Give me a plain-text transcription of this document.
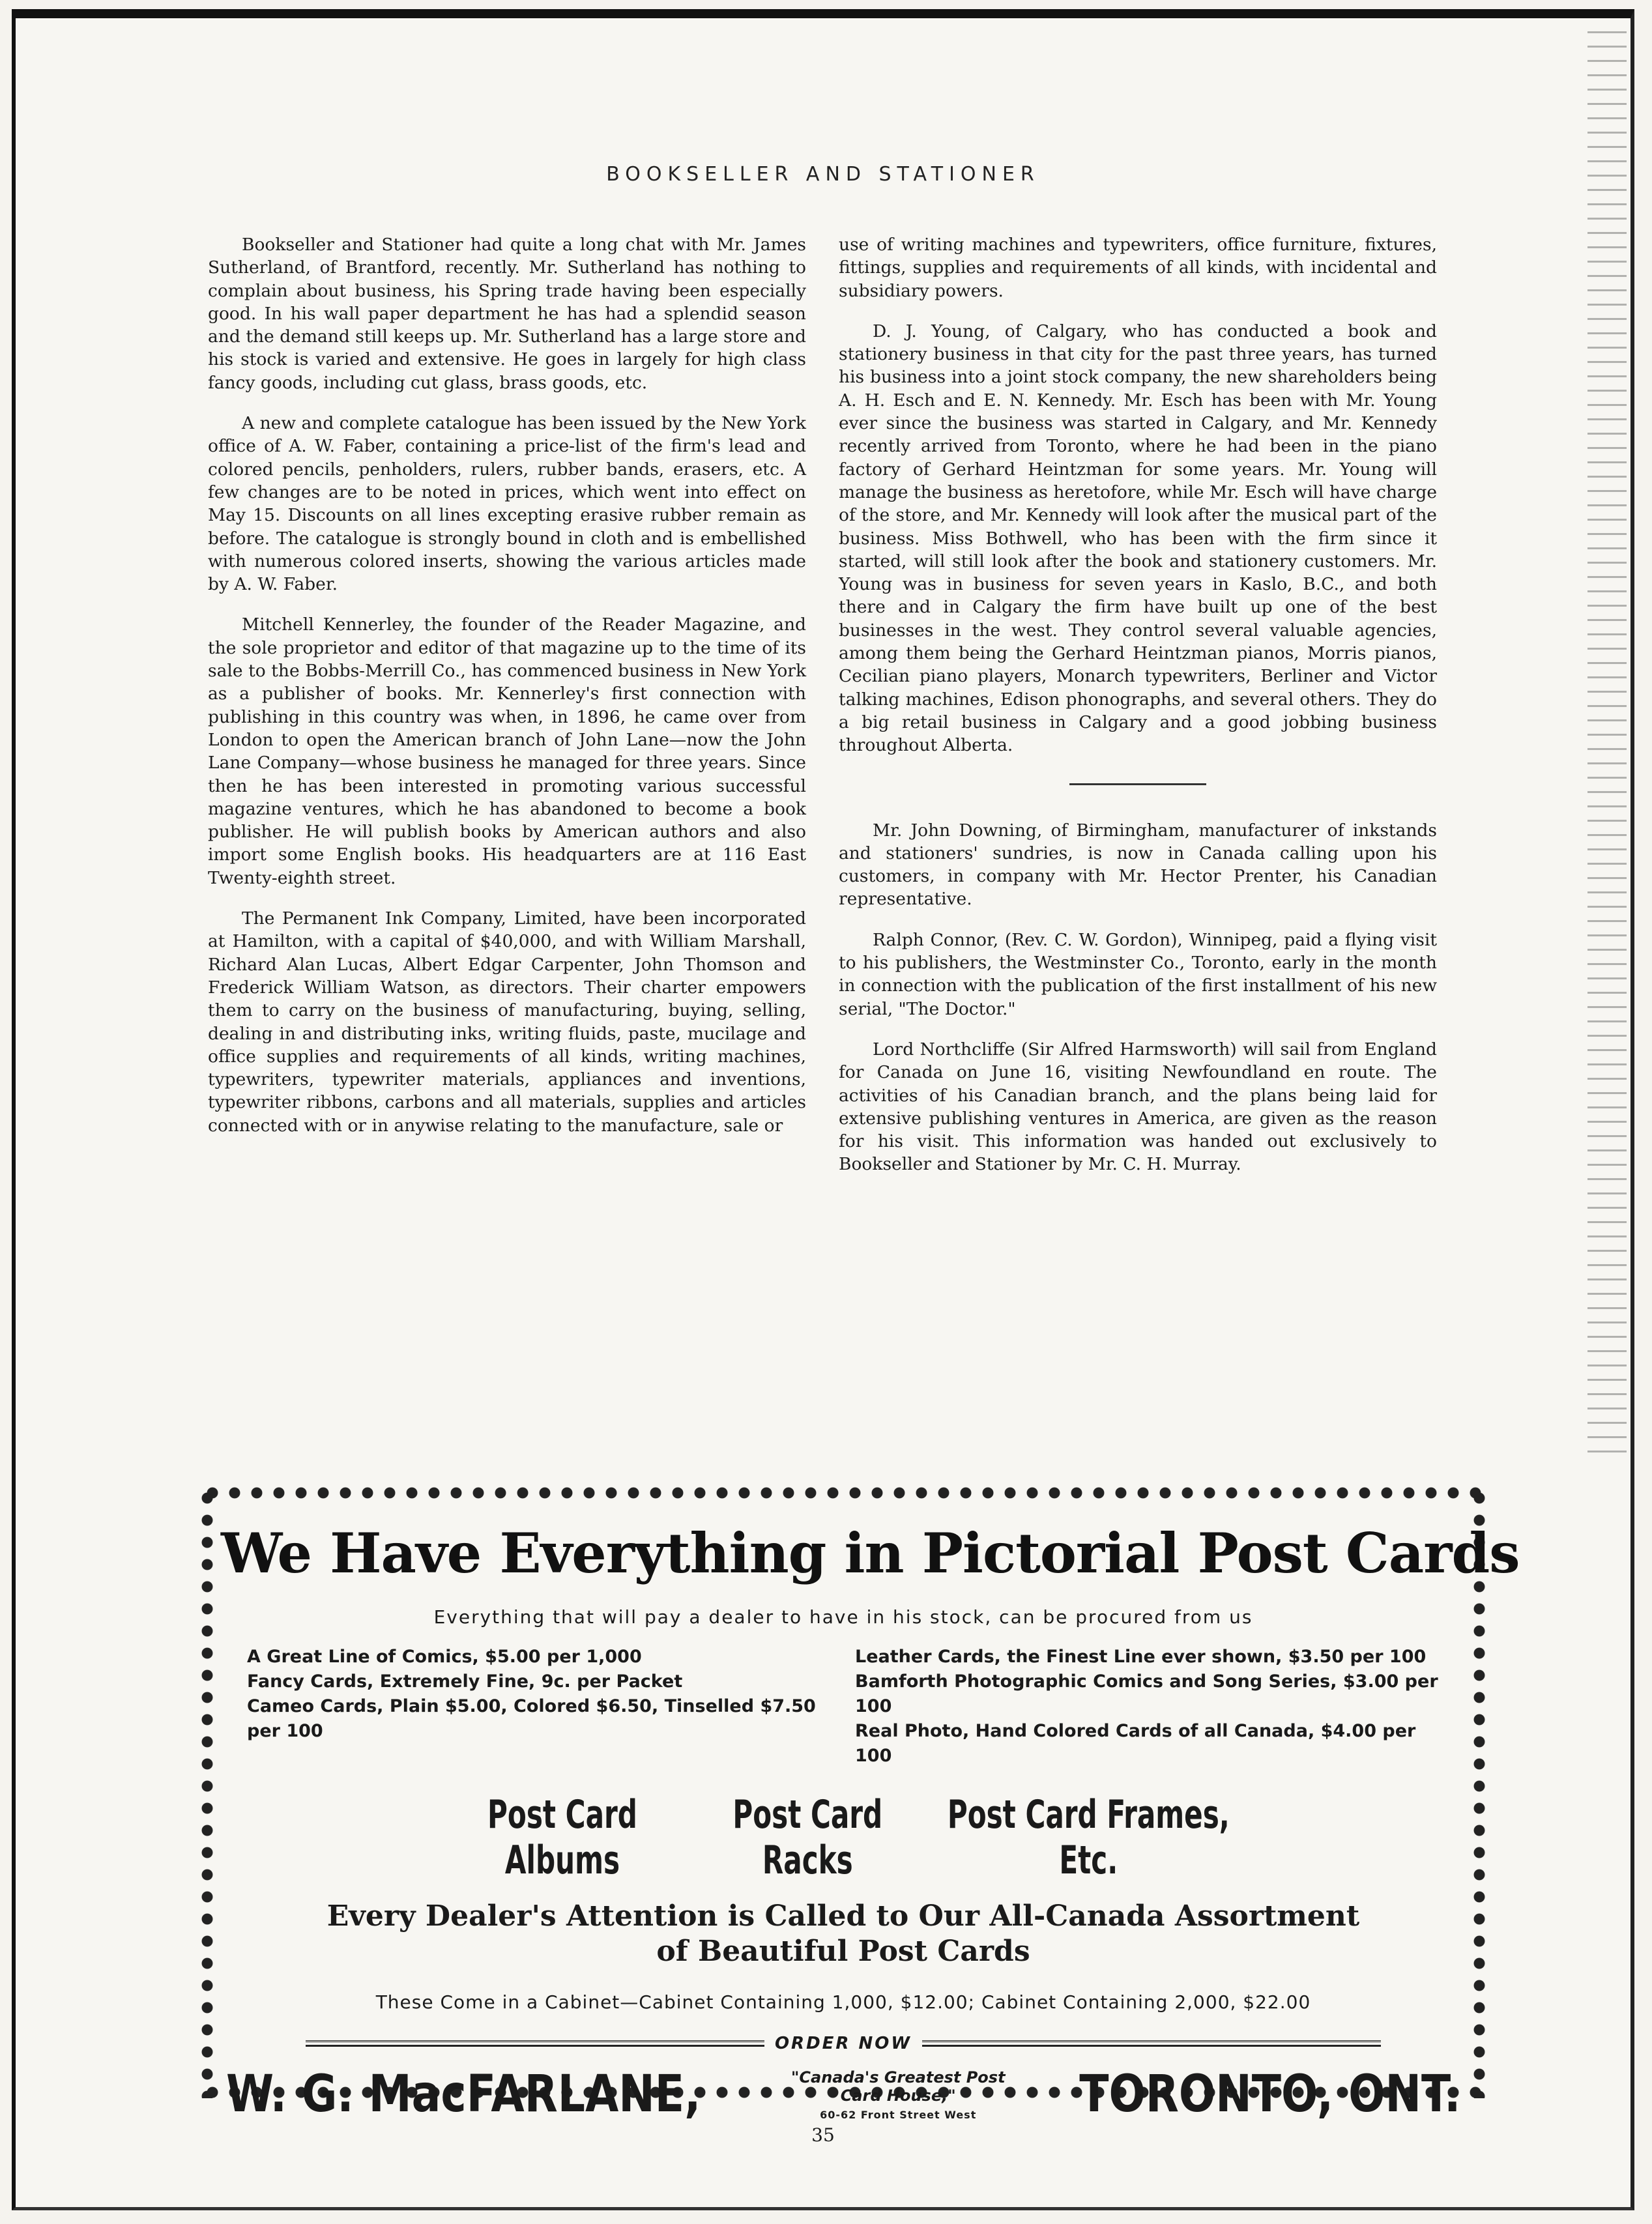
BOOKSELLER AND STATIONER

Bookseller and Stationer had quite a long chat with Mr. James Sutherland, of Brantford, recently. Mr. Sutherland has nothing to complain about business, his Spring trade having been especially good. In his wall paper department he has had a splendid season and the demand still keeps up. Mr. Sutherland has a large store and his stock is varied and extensive. He goes in largely for high class fancy goods, including cut glass, brass goods, etc.

A new and complete catalogue has been issued by the New York office of A. W. Faber, containing a price-list of the firm's lead and colored pencils, penholders, rulers, rubber bands, erasers, etc. A few changes are to be noted in prices, which went into effect on May 15. Discounts on all lines excepting erasive rubber remain as before. The catalogue is strongly bound in cloth and is embellished with numerous colored inserts, showing the various articles made by A. W. Faber.

Mitchell Kennerley, the founder of the Reader Magazine, and the sole proprietor and editor of that magazine up to the time of its sale to the Bobbs-Merrill Co., has commenced business in New York as a publisher of books. Mr. Kennerley's first connection with publishing in this country was when, in 1896, he came over from London to open the American branch of John Lane—now the John Lane Company—whose business he managed for three years. Since then he has been interested in promoting various successful magazine ventures, which he has abandoned to become a book publisher. He will publish books by American authors and also import some English books. His headquarters are at 116 East Twenty-eighth street.

The Permanent Ink Company, Limited, have been incorporated at Hamilton, with a capital of $40,000, and with William Marshall, Richard Alan Lucas, Albert Edgar Carpenter, John Thomson and Frederick William Watson, as directors. Their charter empowers them to carry on the business of manufacturing, buying, selling, dealing in and distributing inks, writing fluids, paste, mucilage and office supplies and requirements of all kinds, writing machines, typewriters, typewriter materials, appliances and inventions, typewriter ribbons, carbons and all materials, supplies and articles connected with or in anywise relating to the manufacture, sale or

use of writing machines and typewriters, office furniture, fixtures, fittings, supplies and requirements of all kinds, with incidental and subsidiary powers.

D. J. Young, of Calgary, who has conducted a book and stationery business in that city for the past three years, has turned his business into a joint stock company, the new shareholders being A. H. Esch and E. N. Kennedy. Mr. Esch has been with Mr. Young ever since the business was started in Calgary, and Mr. Kennedy recently arrived from Toronto, where he had been in the piano factory of Gerhard Heintzman for some years. Mr. Young will manage the business as heretofore, while Mr. Esch will have charge of the store, and Mr. Kennedy will look after the musical part of the business. Miss Bothwell, who has been with the firm since it started, will still look after the book and stationery customers. Mr. Young was in business for seven years in Kaslo, B.C., and both there and in Calgary the firm have built up one of the best businesses in the west. They control several valuable agencies, among them being the Gerhard Heintzman pianos, Morris pianos, Cecilian piano players, Monarch typewriters, Berliner and Victor talking machines, Edison phonographs, and several others. They do a big retail business in Calgary and a good jobbing business throughout Alberta.

Mr. John Downing, of Birmingham, manufacturer of inkstands and stationers' sundries, is now in Canada calling upon his customers, in company with Mr. Hector Prenter, his Canadian representative.

Ralph Connor, (Rev. C. W. Gordon), Winnipeg, paid a flying visit to his publishers, the Westminster Co., Toronto, early in the month in connection with the publication of the first installment of his new serial, "The Doctor."

Lord Northcliffe (Sir Alfred Harmsworth) will sail from England for Canada on June 16, visiting Newfoundland en route. The activities of his Canadian branch, and the plans being laid for extensive publishing ventures in America, are given as the reason for his visit. This information was handed out exclusively to Bookseller and Stationer by Mr. C. H. Murray.

We Have Everything in Pictorial Post Cards
Everything that will pay a dealer to have in his stock, can be procured from us
A Great Line of Comics, $5.00 per 1,000
Fancy Cards, Extremely Fine, 9c. per Packet
Cameo Cards, Plain $5.00, Colored $6.50, Tinselled $7.50 per 100
Leather Cards, the Finest Line ever shown, $3.50 per 100
Bamforth Photographic Comics and Song Series, $3.00 per 100
Real Photo, Hand Colored Cards of all Canada, $4.00 per 100
Post Card Albums
Post Card Racks
Post Card Frames, Etc.
Every Dealer's Attention is Called to Our All-Canada Assortment
of Beautiful Post Cards
These Come in a Cabinet—Cabinet Containing 1,000, $12.00; Cabinet Containing 2,000, $22.00
ORDER NOW
W. G. MacFARLANE,	"Canada's Greatest Post Card House,"
60-62 Front Street West	TORONTO, ONT.
35
